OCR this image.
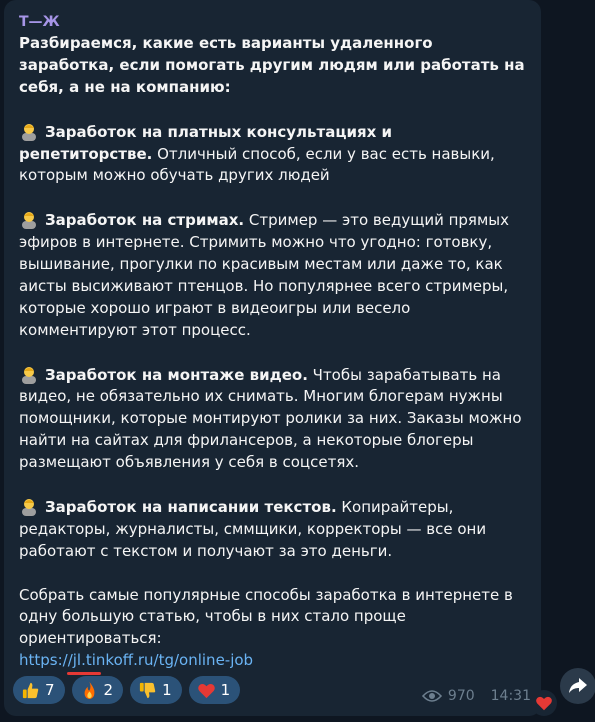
Т—Ж

Разбираемся, какие есть варианты удаленного заработка, если помогать другим людям или работать на себя, а не на компанию:

Заработок на платных консультациях и репетиторстве. Отличный способ, если у вас есть навыки, которым можно обучать других людей

Заработок на стримах. Стример — это ведущий прямых эфиров в интернете. Стримить можно что угодно: готовку, вышивание, прогулки по красивым местам или даже то, как аисты высиживают птенцов. Но популярнее всего стримеры, которые хорошо играют в видеоигры или весело комментируют этот процесс.

Заработок на монтаже видео. Чтобы зарабатывать на видео, не обязательно их снимать. Многим блогерам нужны помощники, которые монтируют ролики за них. Заказы можно найти на сайтах для фрилансеров, а некоторые блогеры размещают объявления у себя в соцсетях.

Заработок на написании текстов. Копирайтеры, редакторы, журналисты, сммщики, корректоры — все они работают с текстом и получают за это деньги.

Собрать самые популярные способы заработка в интернете в одну большую статью, чтобы в них стало проще ориентироваться:

https://jl.tinkoff.ru/tg/online-job

7	2	1	1	970 14:31
